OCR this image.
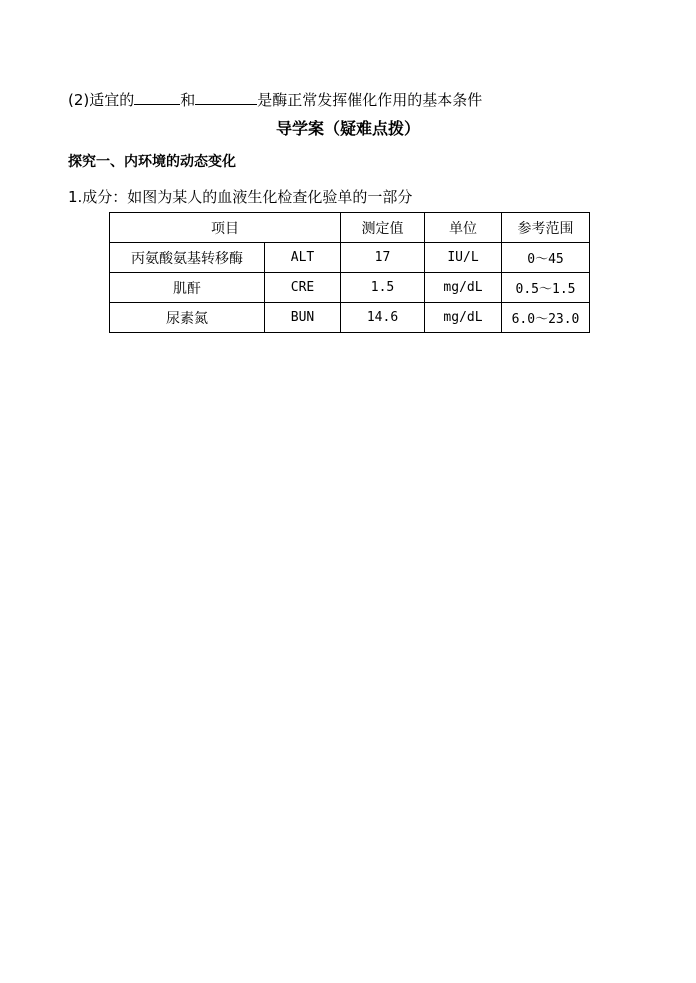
(2)适宜的	和	是酶正常发挥催化作用的基本条件
导学案（疑难点拨）
探究一、内环境的动态变化
1.成分：如图为某人的血液生化检查化验单的一部分
项目		测定值	单位	参考范围
丙氨酸氨基转移酶	ALT	17	IU/L	0～45
肌酐	CRE	1.5	mg/dL	0.5～1.5
尿素氮	BUN	14.6	mg/dL	6.0～23.0
